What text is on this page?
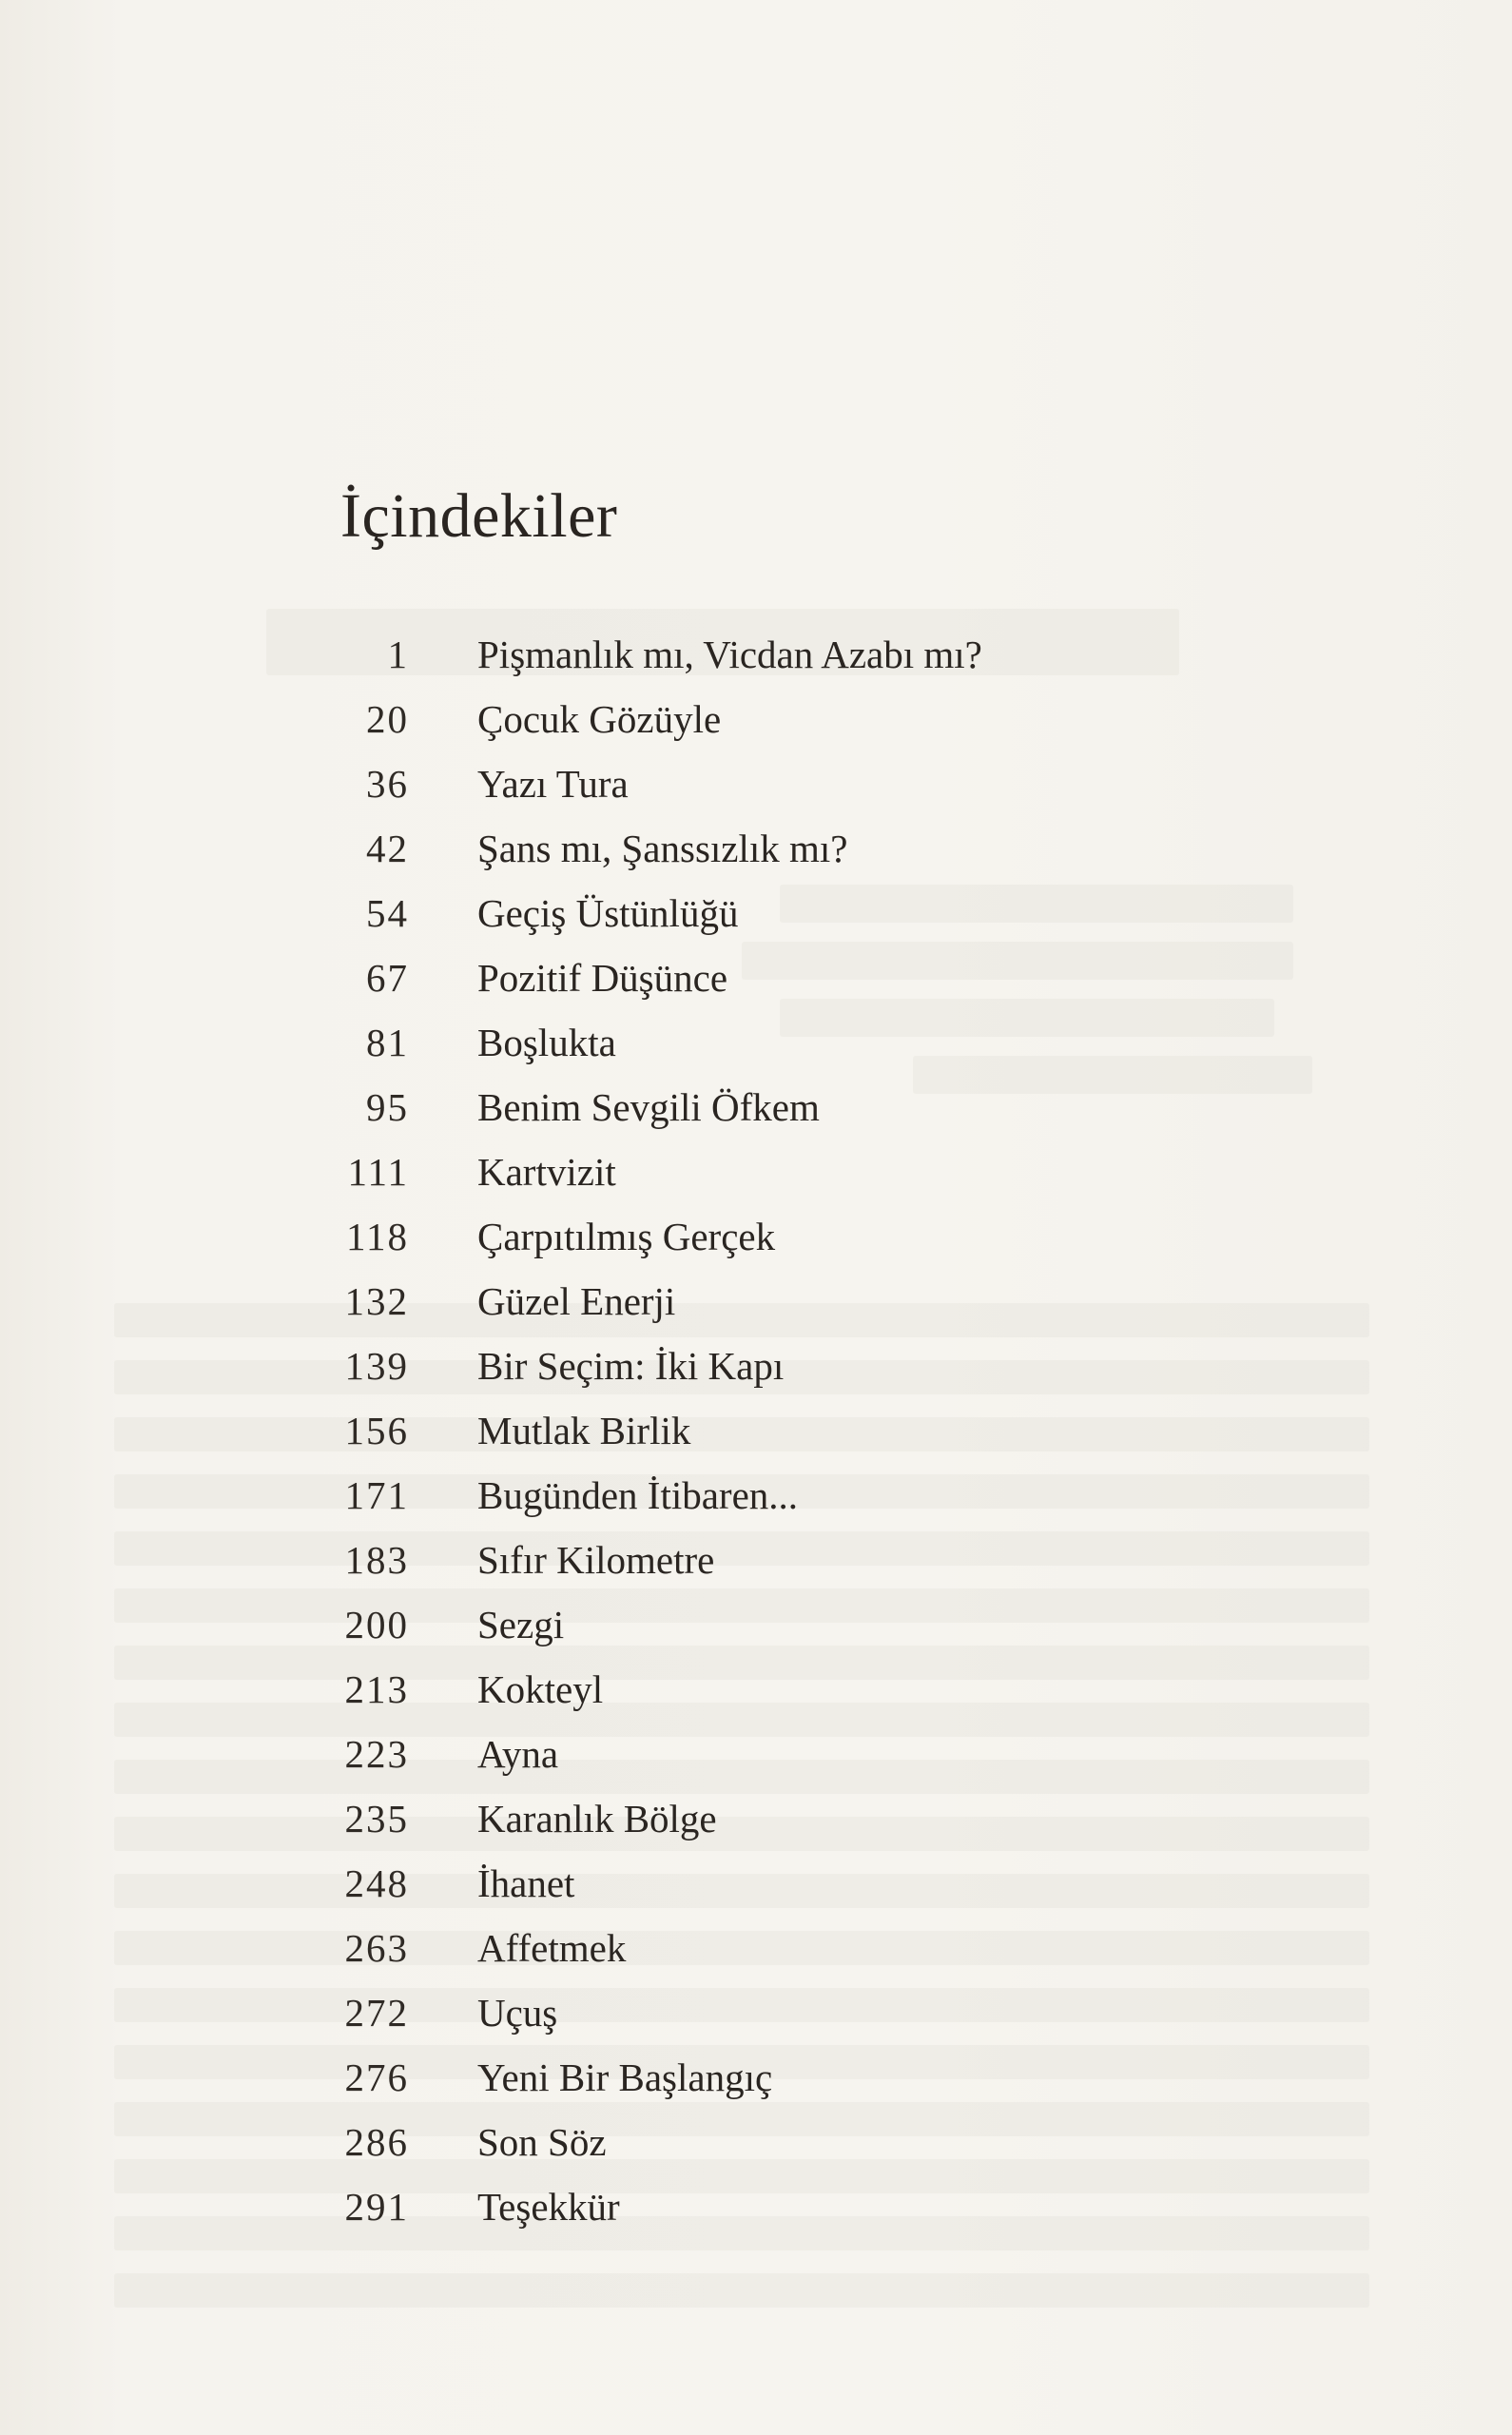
İçindekiler
1 Pişmanlık mı, Vicdan Azabı mı?
20 Çocuk Gözüyle
36 Yazı Tura
42 Şans mı, Şanssızlık mı?
54 Geçiş Üstünlüğü
67 Pozitif Düşünce
81 Boşlukta
95 Benim Sevgili Öfkem
111 Kartvizit
118 Çarpıtılmış Gerçek
132 Güzel Enerji
139 Bir Seçim: İki Kapı
156 Mutlak Birlik
171 Bugünden İtibaren...
183 Sıfır Kilometre
200 Sezgi
213 Kokteyl
223 Ayna
235 Karanlık Bölge
248 İhanet
263 Affetmek
272 Uçuş
276 Yeni Bir Başlangıç
286 Son Söz
291 Teşekkür
